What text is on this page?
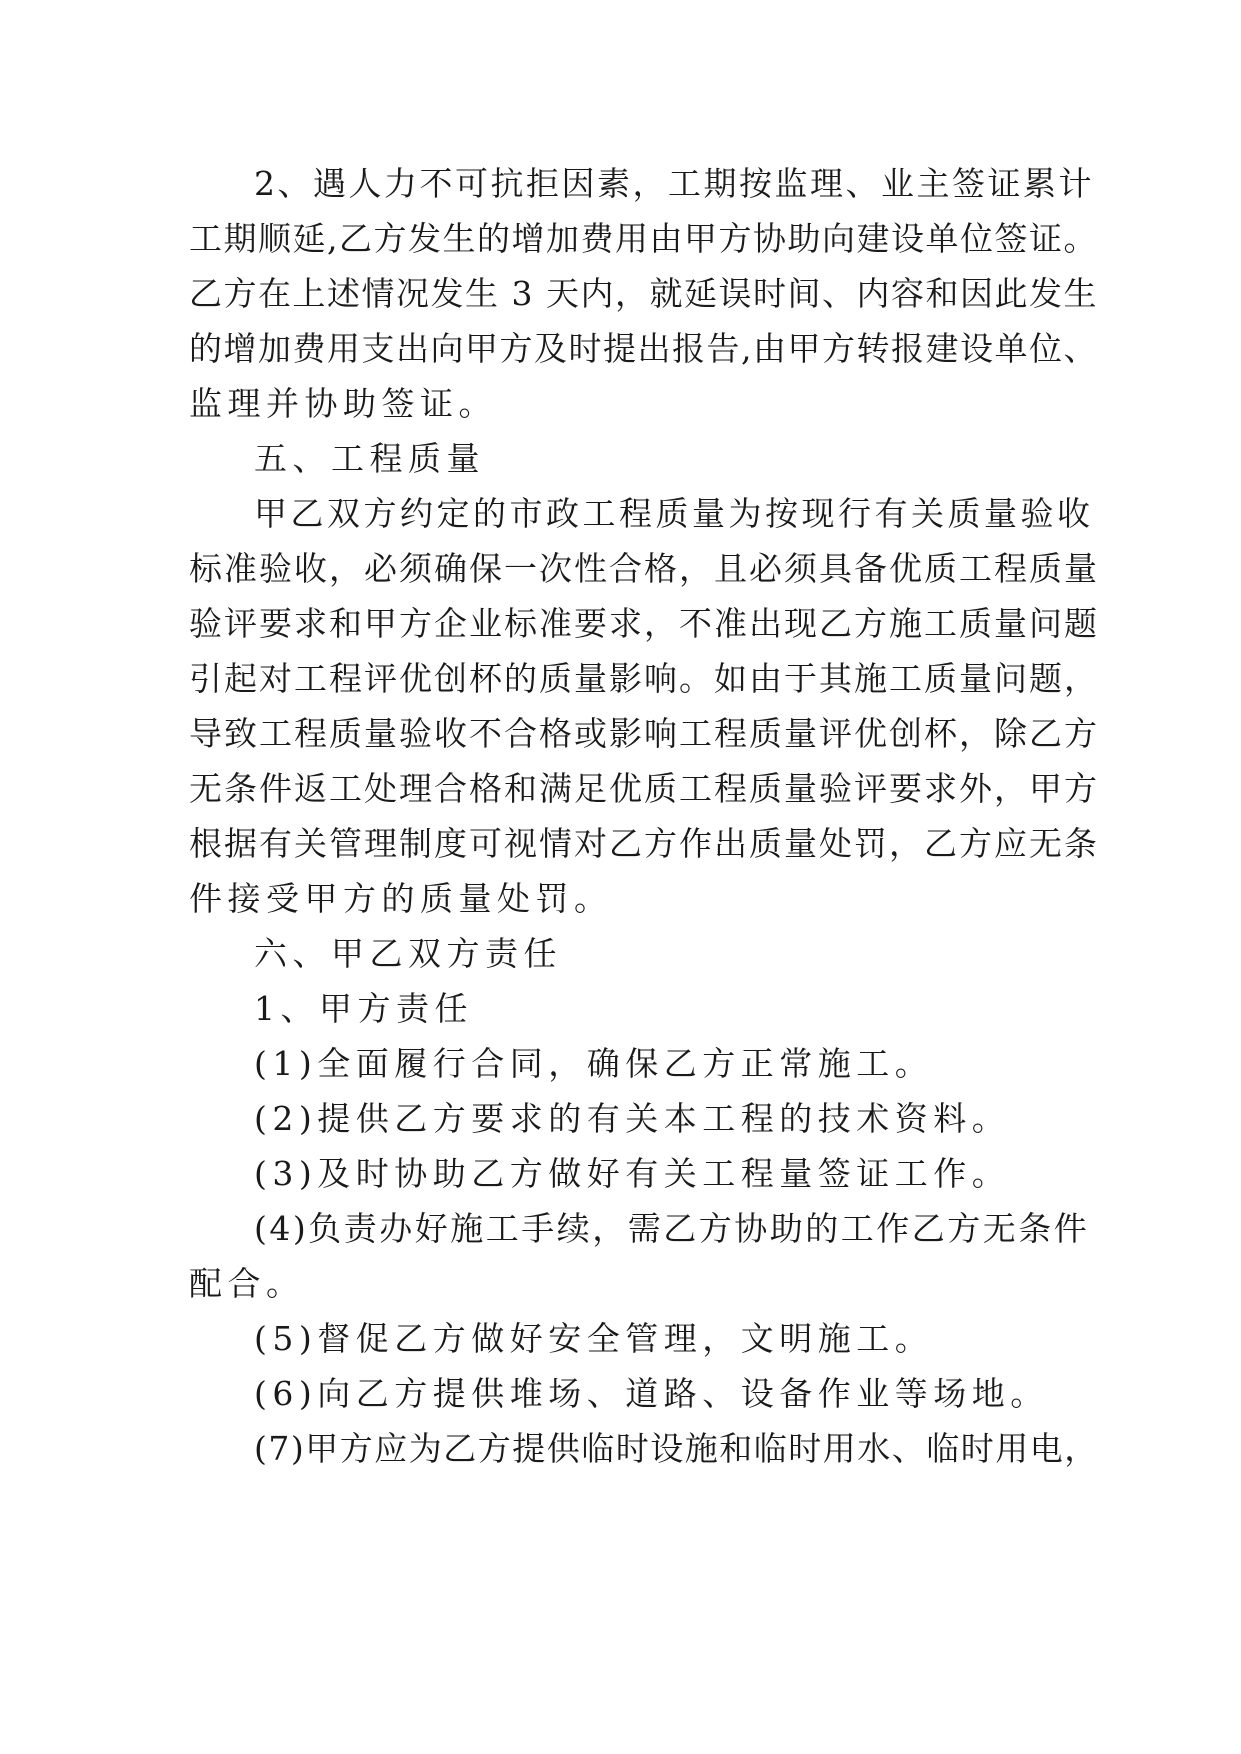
2、遇人力不可抗拒因素，工期按监理、业主签证累计
工期顺延,乙方发生的增加费用由甲方协助向建设单位签证。
乙方在上述情况发生 3 天内，就延误时间、内容和因此发生
的增加费用支出向甲方及时提出报告,由甲方转报建设单位、
监理并协助签证。
五、工程质量
甲乙双方约定的市政工程质量为按现行有关质量验收
标准验收，必须确保一次性合格，且必须具备优质工程质量
验评要求和甲方企业标准要求，不准出现乙方施工质量问题
引起对工程评优创杯的质量影响。如由于其施工质量问题，
导致工程质量验收不合格或影响工程质量评优创杯，除乙方
无条件返工处理合格和满足优质工程质量验评要求外，甲方
根据有关管理制度可视情对乙方作出质量处罚，乙方应无条
件接受甲方的质量处罚。
六、甲乙双方责任
1、甲方责任
(1)全面履行合同，确保乙方正常施工。
(2)提供乙方要求的有关本工程的技术资料。
(3)及时协助乙方做好有关工程量签证工作。
(4)负责办好施工手续，需乙方协助的工作乙方无条件
配合。
(5)督促乙方做好安全管理，文明施工。
(6)向乙方提供堆场、道路、设备作业等场地。
(7)甲方应为乙方提供临时设施和临时用水、临时用电，
